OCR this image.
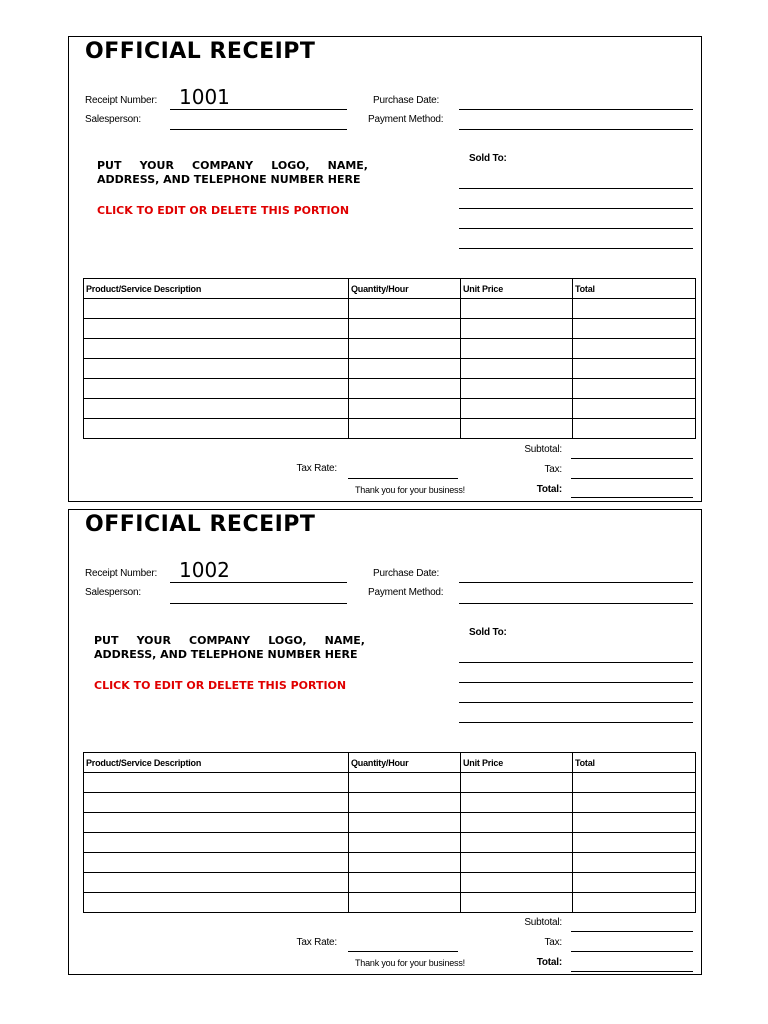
OFFICIAL RECEIPT
Receipt Number: 1001
Salesperson:
Purchase Date:
Payment Method:
PUT YOUR COMPANY LOGO, NAME, ADDRESS, AND TELEPHONE NUMBER HERE
CLICK TO EDIT OR DELETE THIS PORTION
Sold To:
Product/Service Description	Quantity/Hour	Unit Price	Total

Subtotal:
Tax Rate:	Tax:
Thank you for your business!	Total:
OFFICIAL RECEIPT
Receipt Number: 1002
Salesperson:
Purchase Date:
Payment Method:
PUT YOUR COMPANY LOGO, NAME, ADDRESS, AND TELEPHONE NUMBER HERE
CLICK TO EDIT OR DELETE THIS PORTION
Sold To:
Product/Service Description	Quantity/Hour	Unit Price	Total

Subtotal:
Tax Rate:	Tax:
Thank you for your business!	Total:
